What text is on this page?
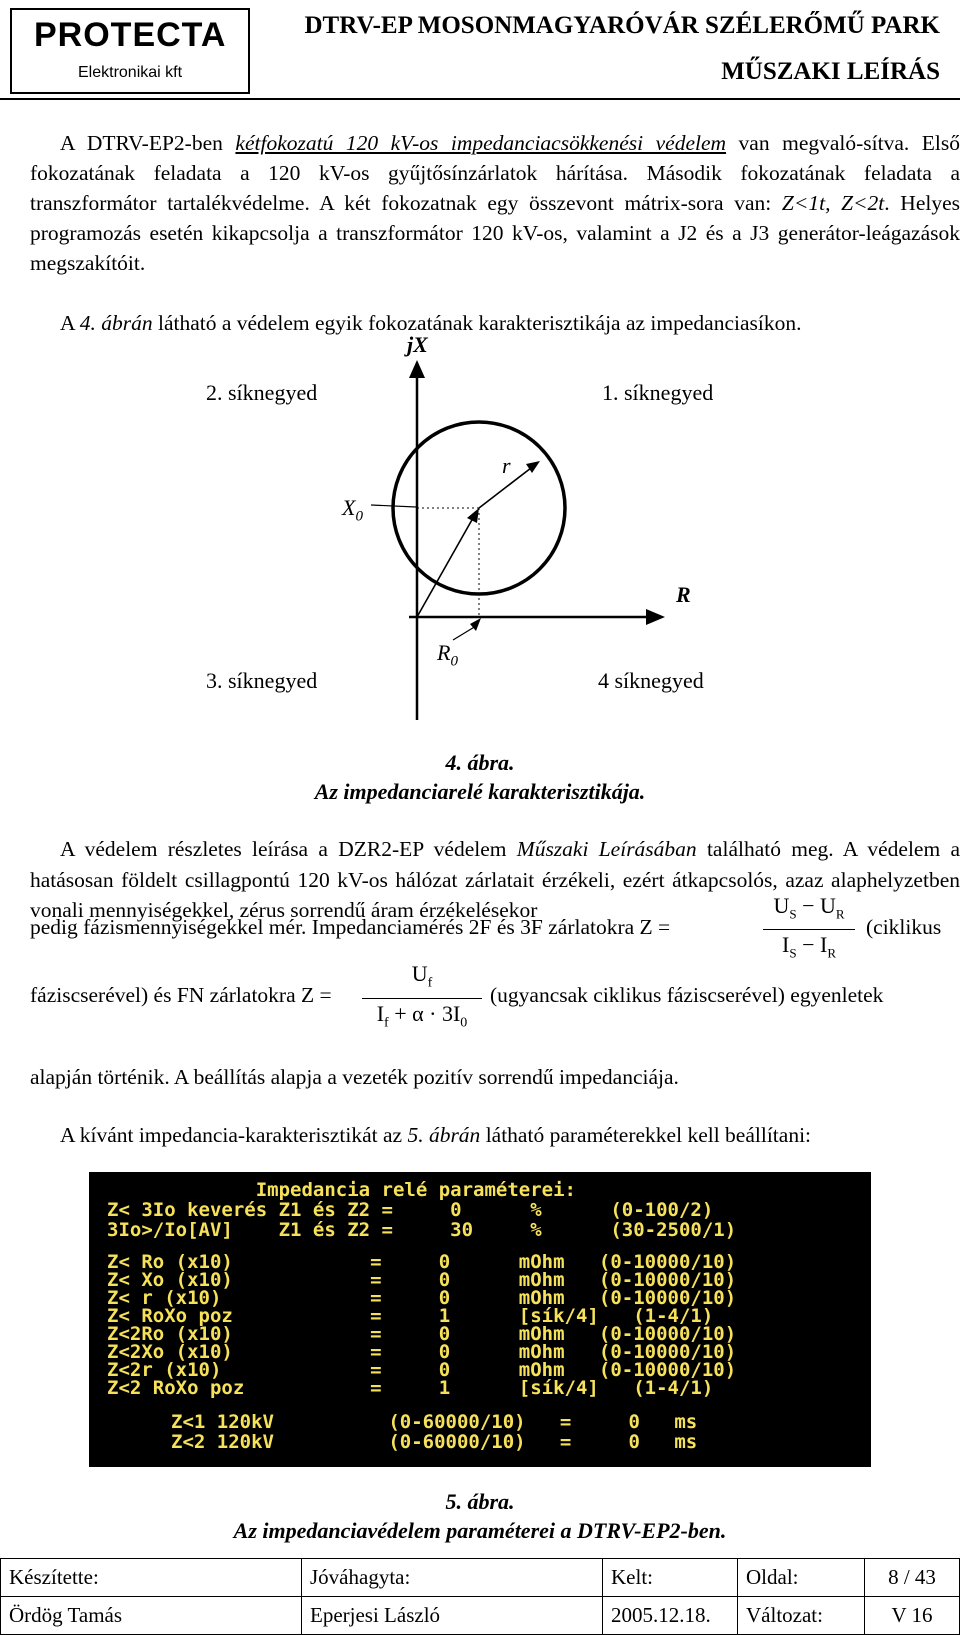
PROTECTA
Elektronikai kft
DTRV-EP MOSONMAGYARÓVÁR SZÉLERŐMŰ PARK
MŰSZAKI LEÍRÁS

A DTRV-EP2-ben kétfokozatú 120 kV-os impedanciacsökkenési védelem van megvaló-sítva. Első fokozatának feladata a 120 kV-os gyűjtősínzárlatok hárítása. Második fokozatának feladata a transzformátor tartalékvédelme. A két fokozatnak egy összevont mátrix-sora van: Z<1t, Z<2t. Helyes programozás esetén kikapcsolja a transzformátor 120 kV-os, valamint a J2 és a J3 generátor-leágazások megszakítóit.

A 4. ábrán látható a védelem egyik fokozatának karakterisztikája az impedanciasíkon.

jX
2. síknegyed	1. síknegyed
r
$X_0$
R
$R_0$
3. síknegyed	4 síknegyed
4. ábra.
Az impedanciarelé karakterisztikája.

A védelem részletes leírása a DZR2-EP védelem Műszaki Leírásában található meg. A védelem a hatásosan földelt csillagpontú 120 kV-os hálózat zárlatait érzékeli, ezért átkapcsolós, azaz alaphelyzetben vonali mennyiségekkel, zérus sorrendű áram érzékelésekor

pedig fázismennyiségekkel mér. Impedanciamérés 2F és 3F zárlatokra Z =
$U_S - U_R$
$I_S - I_R$
(ciklikus
fáziscserével) és FN zárlatokra Z =
$U_f$
$I_f + \alpha \cdot 3I_0$
(ugyancsak ciklikus fáziscserével) egyenletek
alapján történik. A beállítás alapja a vezeték pozitív sorrendű impedanciája.

A kívánt impedancia-karakterisztikát az 5. ábrán látható paraméterekkel kell beállítani:

Impedancia relé paraméterei:
Z< 3Io keverés Z1 és Z2 =     0      %      (0-100/2)
3Io>/Io[AV]    Z1 és Z2 =     30     %      (30-2500/1)
Z< Ro (x10)            =     0      mOhm   (0-10000/10)
Z< Xo (x10)            =     0      mOhm   (0-10000/10)
Z< r (x10)             =     0      mOhm   (0-10000/10)
Z< RoXo poz            =     1      [sík/4]   (1-4/1)
Z<2Ro (x10)            =     0      mOhm   (0-10000/10)
Z<2Xo (x10)            =     0      mOhm   (0-10000/10)
Z<2r (x10)             =     0      mOhm   (0-10000/10)
Z<2 RoXo poz           =     1      [sík/4]   (1-4/1)
Z<1 120kV          (0-60000/10)   =     0   ms
Z<2 120kV          (0-60000/10)   =     0   ms
5. ábra.
Az impedanciavédelem paraméterei a DTRV-EP2-ben.
Készítette:	Jóváhagyta:	Kelt:	Oldal:	8 / 43
Ördög Tamás	Eperjesi László	2005.12.18.	Változat:	V 16
